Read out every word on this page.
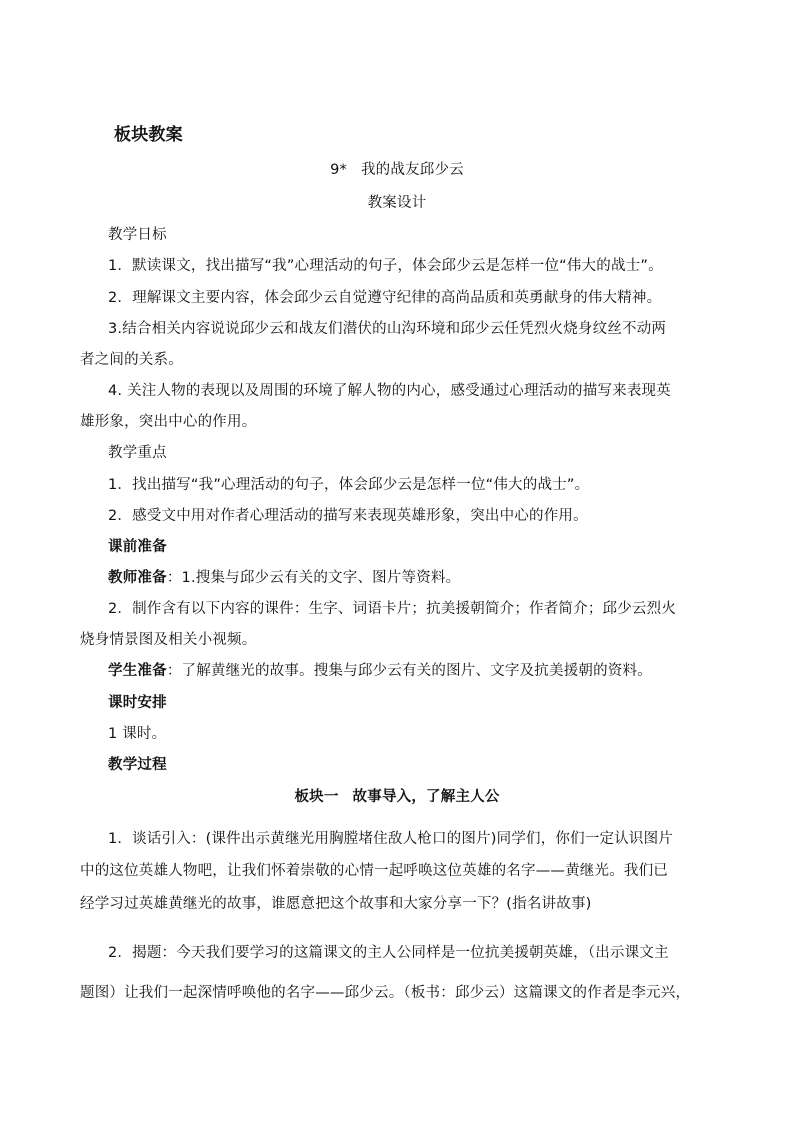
板块教案
9* 我的战友邱少云
教案设计
教学日标
1．默读课文，找出描写“我”心理活动的句子，体会邱少云是怎样一位“伟大的战士”。
2．理解课文主要内容，体会邱少云自觉遵守纪律的高尚品质和英勇献身的伟大精神。
3.结合相关内容说说邱少云和战友们潜伏的山沟环境和邱少云任凭烈火烧身纹丝不动两
者之间的关系。
4. 关注人物的表现以及周围的环境了解人物的内心，感受通过心理活动的描写来表现英
雄形象，突出中心的作用。
教学重点
1．找出描写“我”心理活动的句子，体会邱少云是怎样一位“伟大的战士”。
2．感受文中用对作者心理活动的描写来表现英雄形象，突出中心的作用。
课前准备
教师准备：1.搜集与邱少云有关的文字、图片等资料。
2．制作含有以下内容的课件：生字、词语卡片；抗美援朝简介；作者简介；邱少云烈火
烧身情景图及相关小视频。
学生准备：了解黄继光的故事。搜集与邱少云有关的图片、文字及抗美援朝的资料。
课时安排
1 课时。
教学过程
板块一 故事导入，了解主人公
1．谈话引入：(课件出示黄继光用胸膛堵住敌人枪口的图片)同学们，你们一定认识图片
中的这位英雄人物吧，让我们怀着崇敬的心情一起呼唤这位英雄的名字——黄继光。我们已
经学习过英雄黄继光的故事，谁愿意把这个故事和大家分享一下？(指名讲故事)
2．揭题：今天我们要学习的这篇课文的主人公同样是一位抗美援朝英雄，（出示课文主
题图）让我们一起深情呼唤他的名字——邱少云。（板书：邱少云）这篇课文的作者是李元兴，
